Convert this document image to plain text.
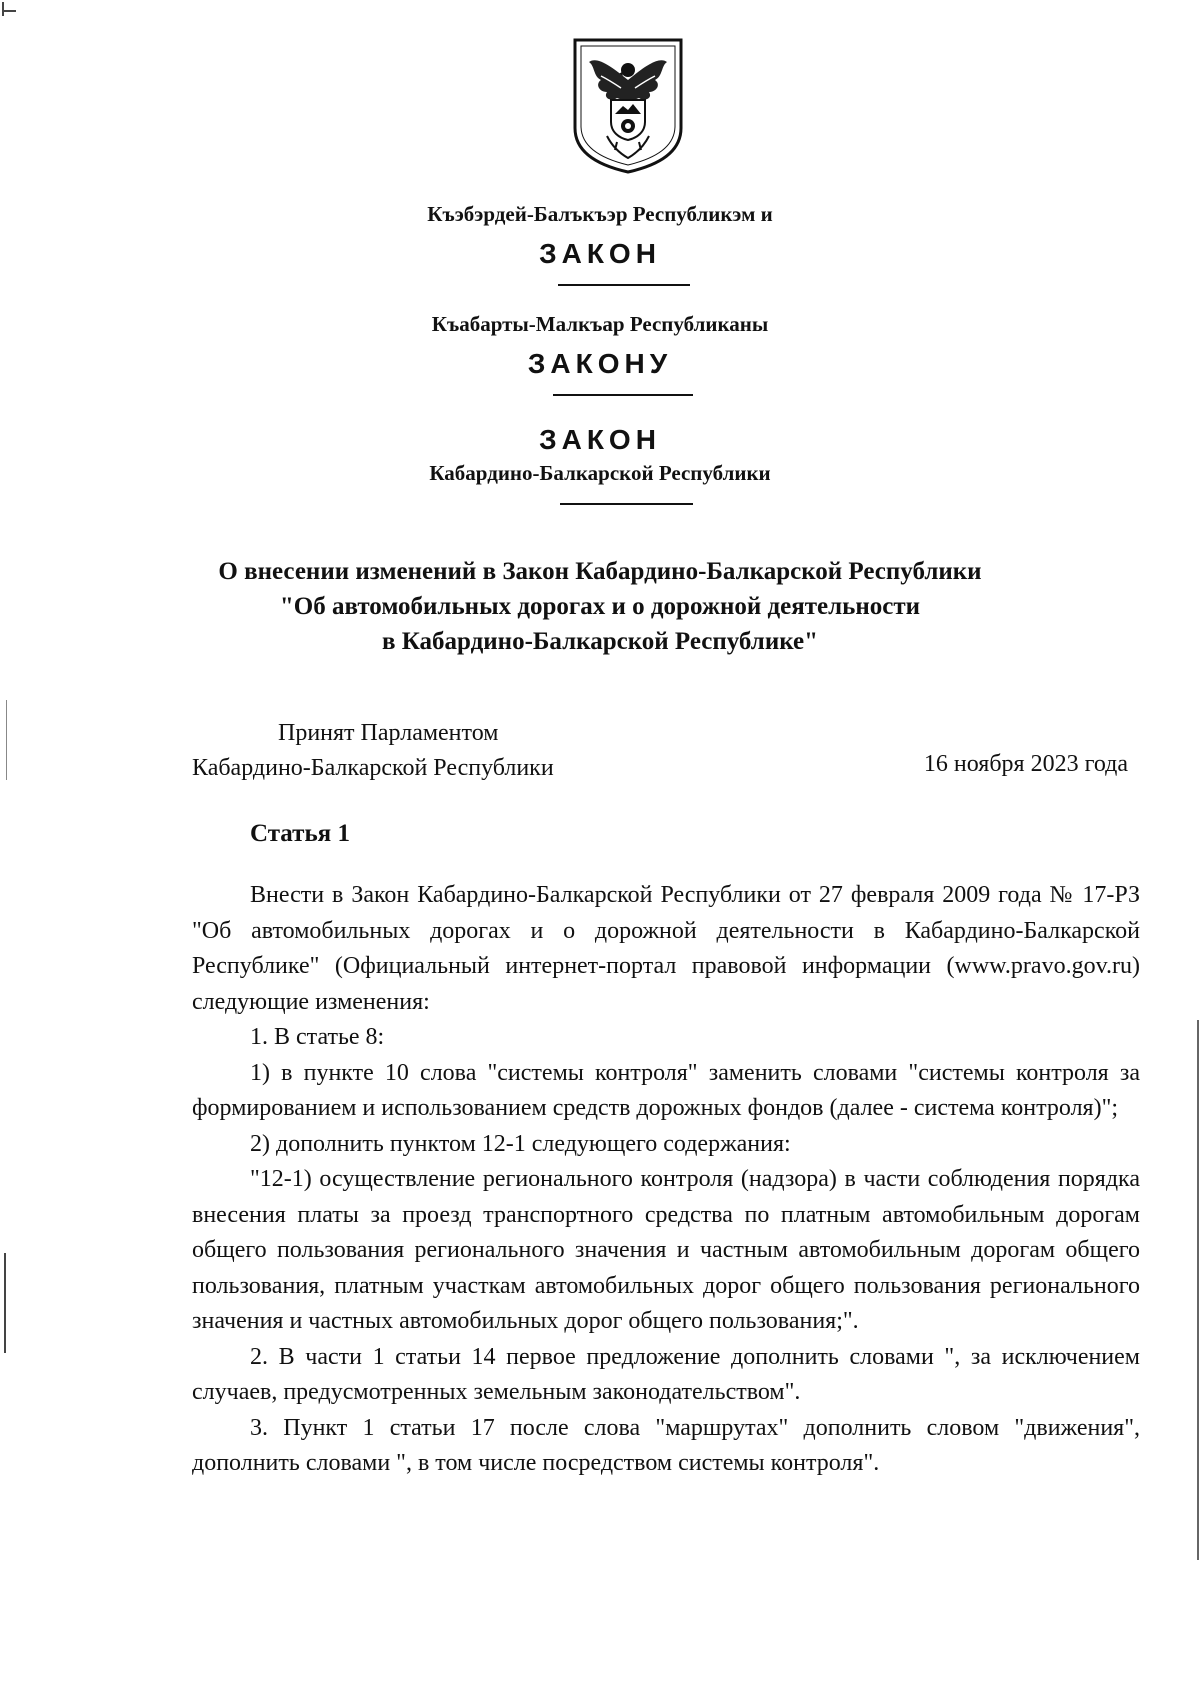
Къэбэрдей-Балъкъэр Республикэм и
ЗАКОН
Къабарты-Малкъар Республиканы
ЗАКОНУ
ЗАКОН
Кабардино-Балкарской Республики
О внесении изменений в Закон Кабардино-Балкарской Республики
"Об автомобильных дорогах и о дорожной деятельности
в Кабардино-Балкарской Республике"
Принят Парламентом
Кабардино-Балкарской Республики	16 ноября 2023 года
Статья 1

Внести в Закон Кабардино-Балкарской Республики от 27 февраля 2009 года № 17-РЗ "Об автомобильных дорогах и о дорожной деятельности в Кабардино-Балкарской Республике" (Официальный интернет-портал правовой информации (www.pravo.gov.ru) следующие изменения:

1. В статье 8:

1) в пункте 10 слова "системы контроля" заменить словами "системы контроля за формированием и использованием средств дорожных фондов (далее - система контроля)";

2) дополнить пунктом 12-1 следующего содержания:

"12-1) осуществление регионального контроля (надзора) в части соблюдения порядка внесения платы за проезд транспортного средства по платным автомобильным дорогам общего пользования регионального значения и частным автомобильным дорогам общего пользования, платным участкам автомобильных дорог общего пользования регионального значения и частных автомобильных дорог общего пользования;".

2. В части 1 статьи 14 первое предложение дополнить словами ", за исключением случаев, предусмотренных земельным законодательством".

3. Пункт 1 статьи 17 после слова "маршрутах" дополнить словом "движения", дополнить словами ", в том числе посредством системы контроля".
